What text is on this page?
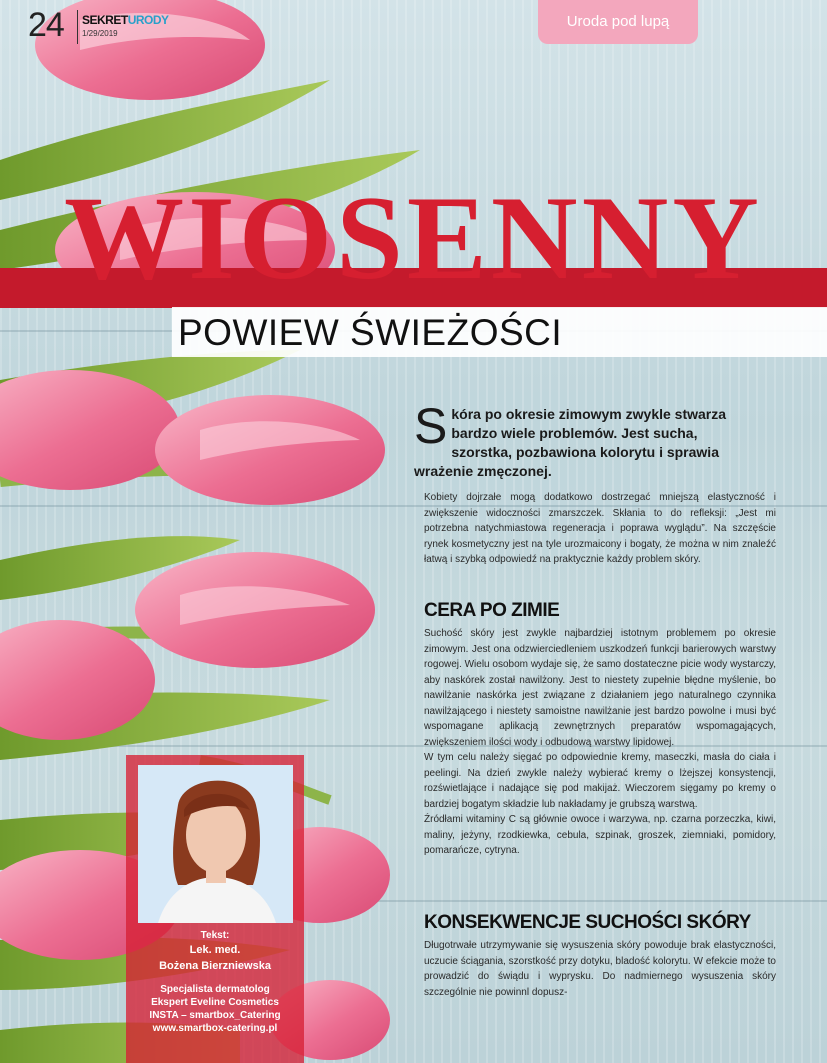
24 SEKRETURODY
1/29/2019
Uroda pod lupą
WIOSENNY
POWIEW ŚWIEŻOŚCI
Skóra po okresie zimowym zwykle stwarza bardzo wiele problemów. Jest sucha, szorstka, pozbawiona kolorytu i sprawia wrażenie zmęczonej.
Kobiety dojrzałe mogą dodatkowo dostrzegać mniejszą elastyczność i zwiększenie widoczności zmarszczek. Skłania to do refleksji: „Jest mi potrzebna natychmiastowa regeneracja i poprawa wyglądu”. Na szczęście rynek kosmetyczny jest na tyle urozmaicony i bogaty, że można w nim znaleźć łatwą i szybką odpowiedź na praktycznie każdy problem skóry.
CERA PO ZIMIE

Suchość skóry jest zwykle najbardziej istotnym problemem po okresie zimowym. Jest ona odzwierciedleniem uszkodzeń funkcji barierowych warstwy rogowej. Wielu osobom wydaje się, że samo dostateczne picie wody wystarczy, aby naskórek został nawilżony. Jest to niestety zupełnie błędne myślenie, bo nawilżanie naskórka jest związane z działaniem jego naturalnego czynnika nawilżającego i niestety samoistne nawilżanie jest bardzo powolne i musi być wspomagane aplikacją zewnętrznych preparatów wspomagających, zwiększeniem ilości wody i odbudową warstwy lipidowej.

W tym celu należy sięgać po odpowiednie kremy, maseczki, masła do ciała i peelingi. Na dzień zwykle należy wybierać kremy o lżejszej konsystencji, rozświetlające i nadające się pod makijaż. Wieczorem sięgamy po kremy o bardziej bogatym składzie lub nakładamy je grubszą warstwą.

Źródłami witaminy C są głównie owoce i warzywa, np. czarna porzeczka, kiwi, maliny, jeżyny, rzodkiewka, cebula, szpinak, groszek, ziemniaki, pomidory, pomarańcze, cytryna.

KONSEKWENCJE SUCHOŚCI SKÓRY
Długotrwałe utrzymywanie się wysuszenia skóry powoduje brak elastyczności, uczucie ściągania, szorstkość przy dotyku, bladość kolorytu. W efekcie może to prowadzić do świądu i wyprysku. Do nadmiernego wysuszenia skóry szczególnie nie powinnl dopusz-
Tekst:
Lek. med.
Bożena Bierzniewska
Specjalista dermatolog
Ekspert Eveline Cosmetics
INSTA – smartbox_Catering
www.smartbox-catering.pl
